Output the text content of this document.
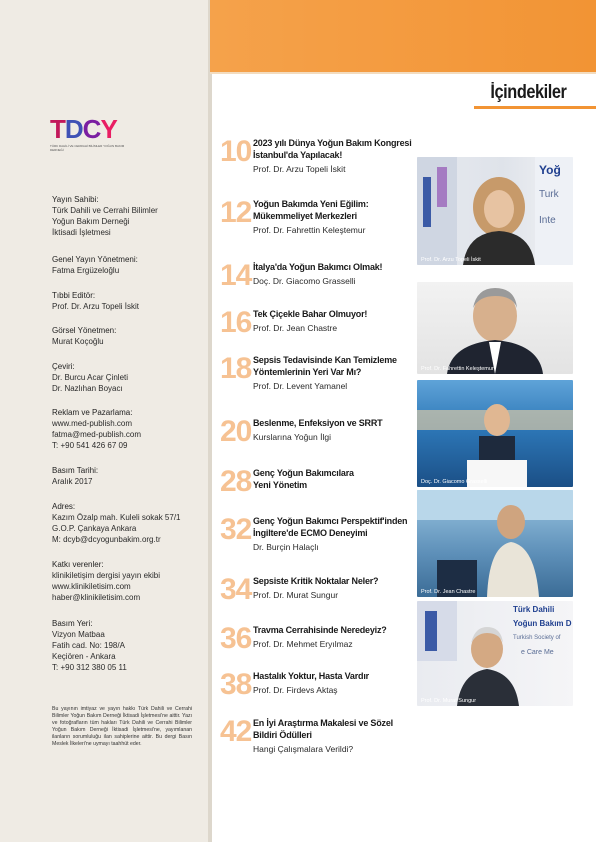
İçindekiler
TDCY
TÜRK DAHİLİ VE CERRAHİ BİLİMLER YOĞUN BAKIM DERNEĞİ
Yayın Sahibi:
Türk Dahili ve Cerrahi Bilimler
Yoğun Bakım Derneği
İktisadi İşletmesi
Genel Yayın Yönetmeni:
Fatma Ergüzeloğlu
Tıbbi Editör:
Prof. Dr. Arzu Topeli İskit
Görsel Yönetmen:
Murat Koçoğlu
Çeviri:
Dr. Burcu Acar Çinleti
Dr. Nazlıhan Boyacı
Reklam ve Pazarlama:
www.med-publish.com
fatma@med-publish.com
T: +90 541 426 67 09
Basım Tarihi:
Aralık 2017
Adres:
Kazım Özalp mah. Kuleli sokak 57/1
G.O.P. Çankaya Ankara
M: dcyb@dcyogunbakim.org.tr
Katkı verenler:
klinikiletişim dergisi yayın ekibi
www.klinikiletisim.com
haber@klinikiletisim.com
Basım Yeri:
Vizyon Matbaa
Fatih cad. No: 198/A
Keçiören - Ankara
T: +90 312 380 05 11
Bu yayının imtiyaz ve yayın hakkı Türk Dahili ve Cerrahi Bilimler Yoğun Bakım Derneği İktisadi İşletmesi'ne aittir. Yazı ve fotoğrafların tüm hakları Türk Dahili ve Cerrahi Bilimler Yoğun Bakım Derneği İktisadi İşletmesi'ne, yayımlanan ilanların sorumluluğu ilan sahiplerine aittir. Bu dergi Basın Meslek İlkeleri'ne uymayı taahhüt eder.
10 2023 yılı Dünya Yoğun Bakım Kongresi
İstanbul'da Yapılacak!
Prof. Dr. Arzu Topeli İskit
12 Yoğun Bakımda Yeni Eğilim:
Mükemmeliyet Merkezleri
Prof. Dr. Fahrettin Keleştemur
14 İtalya'da Yoğun Bakımcı Olmak!
Doç. Dr. Giacomo Grasselli
16 Tek Çiçekle Bahar Olmuyor!
Prof. Dr. Jean Chastre
18 Sepsis Tedavisinde Kan Temizleme
Yöntemlerinin Yeri Var Mı?
Prof. Dr. Levent Yamanel
20 Beslenme, Enfeksiyon ve SRRT
Kurslarına Yoğun İlgi
28 Genç Yoğun Bakımcılara
Yeni Yönetim
32 Genç Yoğun Bakımcı Perspektif'inden
İngiltere'de ECMO Deneyimi
Dr. Burçin Halaçlı
34 Sepsiste Kritik Noktalar Neler?
Prof. Dr. Murat Sungur
36 Travma Cerrahisinde Neredeyiz?
Prof. Dr. Mehmet Eryılmaz
38 Hastalık Yoktur, Hasta Vardır
Prof. Dr. Firdevs Aktaş
42 En İyi Araştırma Makalesi ve Sözel
Bildiri Ödülleri
Hangi Çalışmalara Verildi?
Yoğ
Turk
Inte
Prof. Dr. Arzu Topeli İskit
Prof. Dr. Fahrettin Keleştemur
Doç. Dr. Giacomo Grasselli
Prof. Dr. Jean Chastre
Türk Dahili
Yoğun Bakım D
Turkish Society of
e Care Me
Prof. Dr. Murat Sungur
